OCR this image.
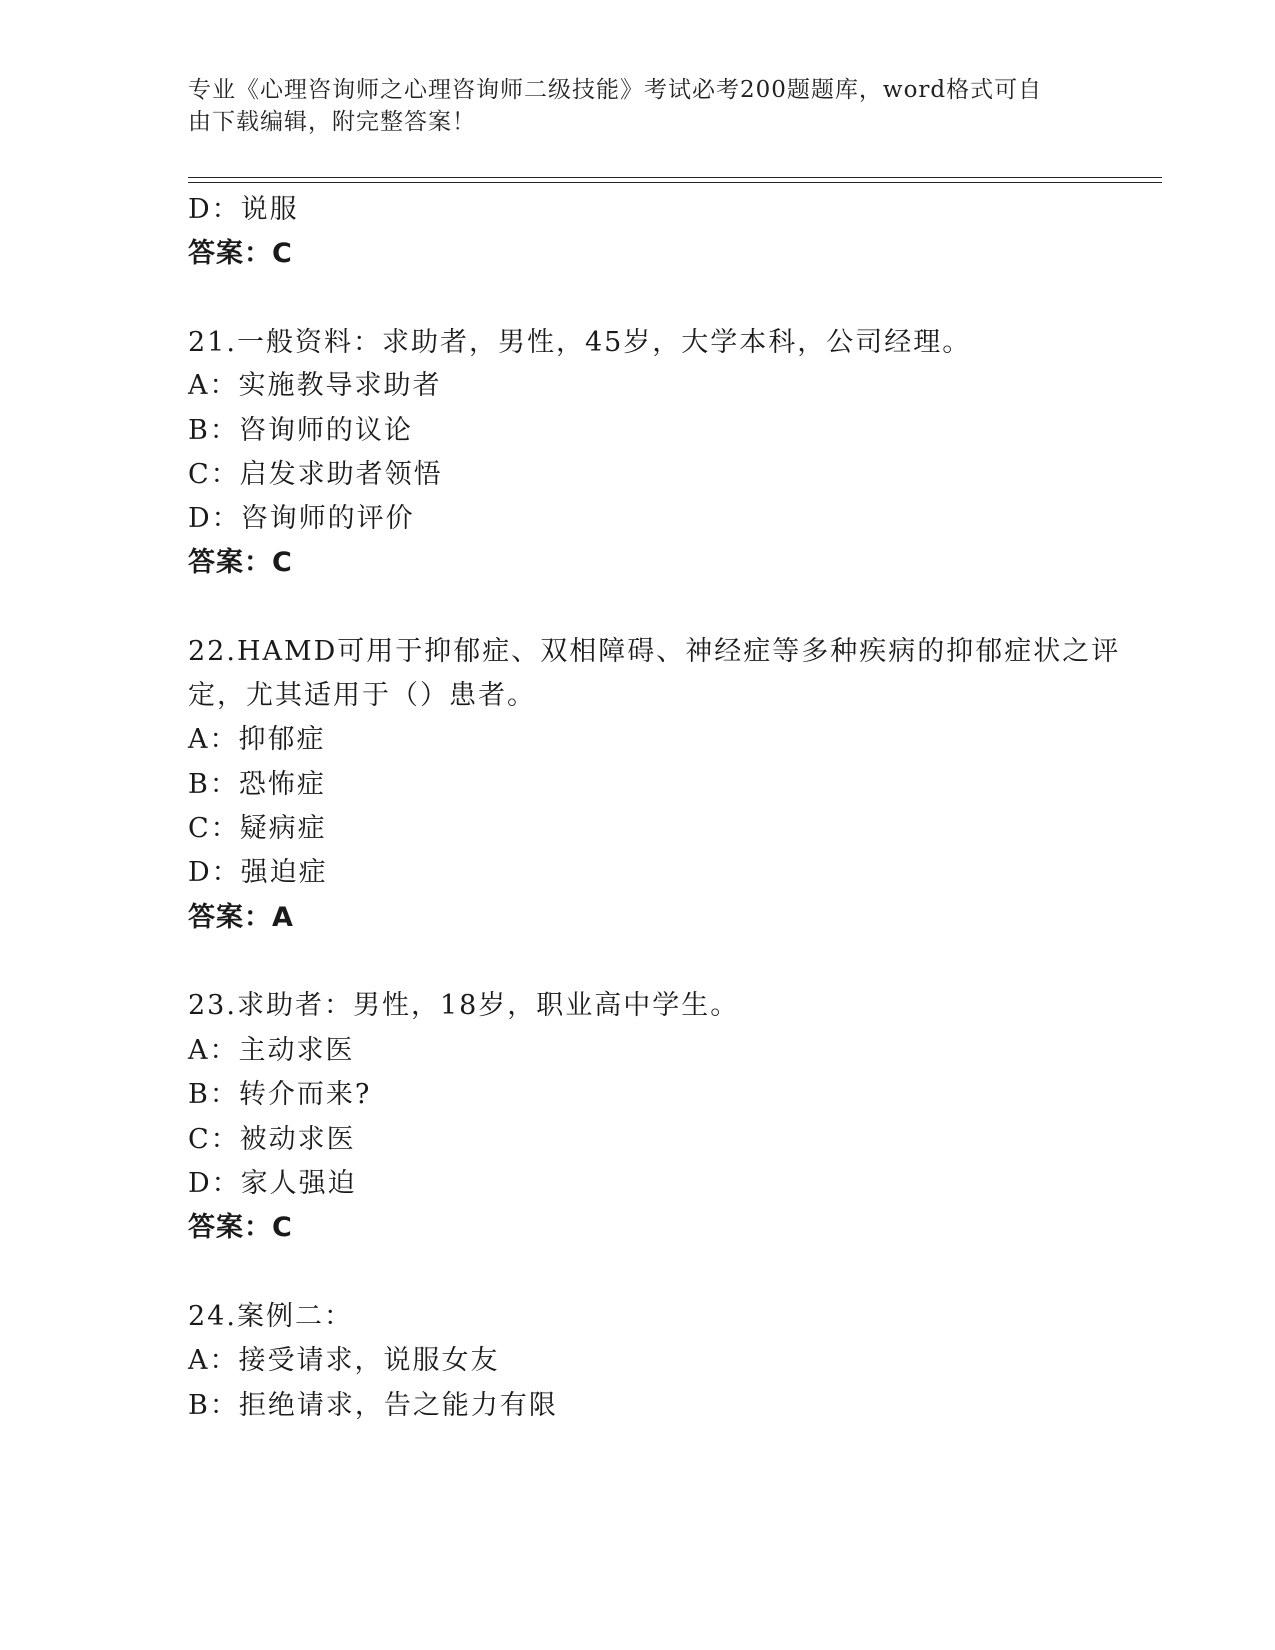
专业《心理咨询师之心理咨询师二级技能》考试必考200题题库，word格式可自
由下载编辑，附完整答案！
D：说服
答案：C
21.一般资料：求助者，男性，45岁，大学本科，公司经理。
A：实施教导求助者
B：咨询师的议论
C：启发求助者领悟
D：咨询师的评价
答案：C
22.HAMD可用于抑郁症、双相障碍、神经症等多种疾病的抑郁症状之评
定，尤其适用于（）患者。
A：抑郁症
B：恐怖症
C：疑病症
D：强迫症
答案：A
23.求助者：男性，18岁，职业高中学生。
A：主动求医
B：转介而来?
C：被动求医
D：家人强迫
答案：C
24.案例二：
A：接受请求，说服女友
B：拒绝请求，告之能力有限
